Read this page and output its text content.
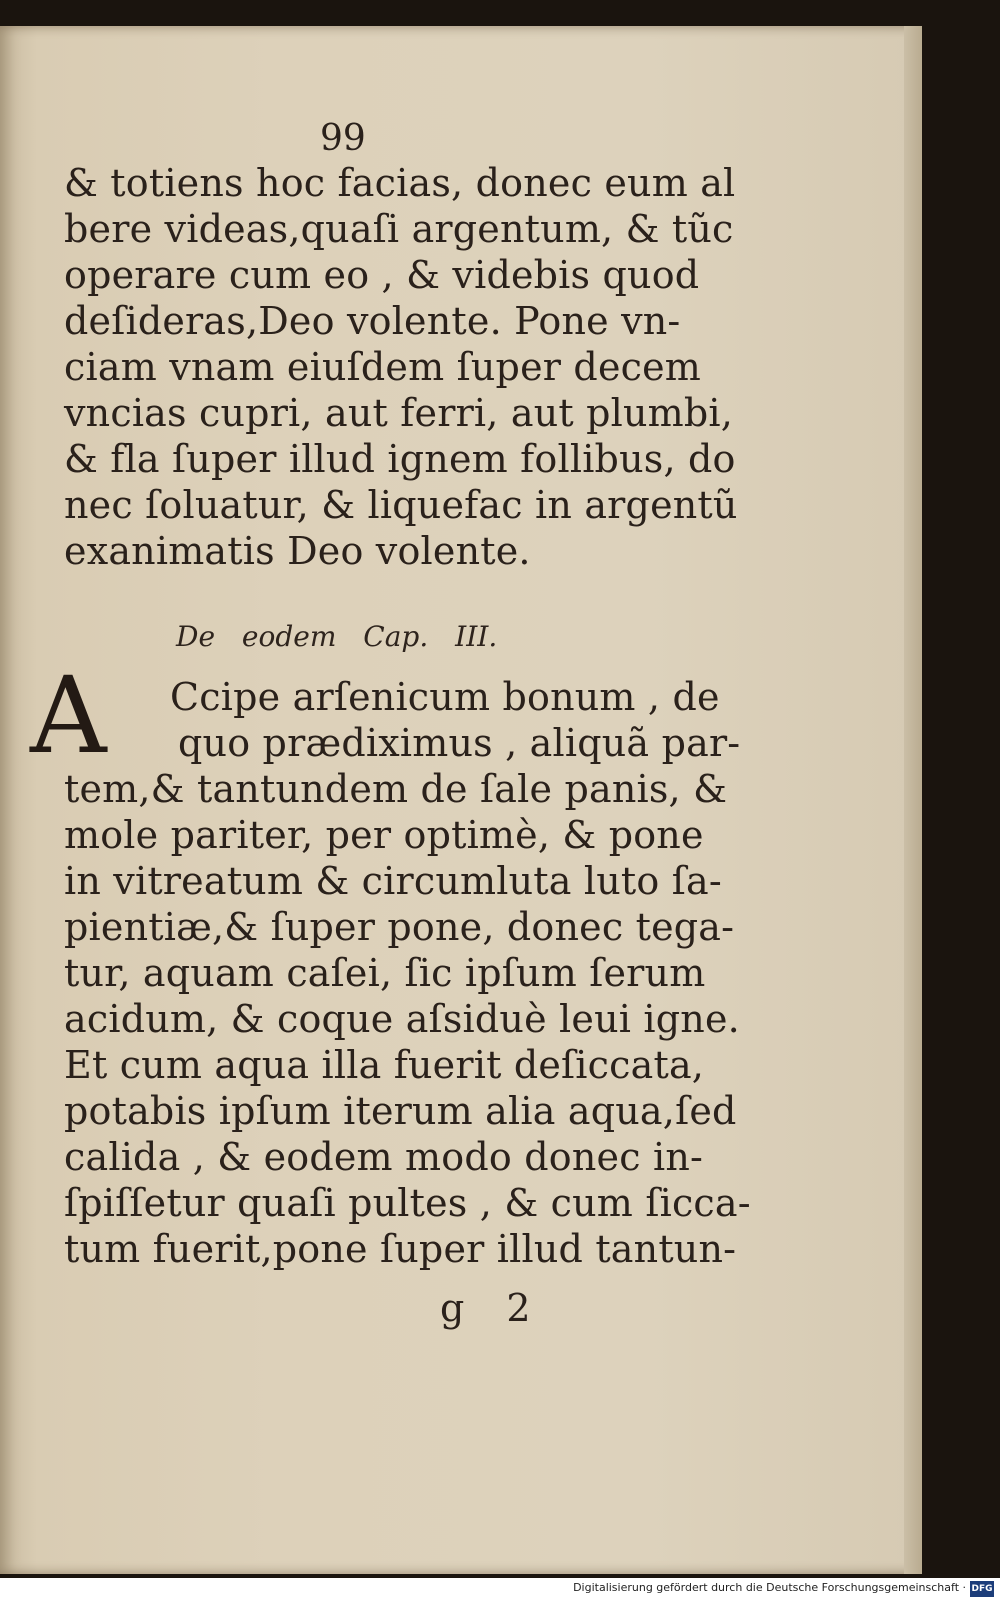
99
& totiens hoc facias, donec eum al
bere videas,quaſi argentum, & tũc
operare cum eo , & videbis quod
deſideras,Deo volente. Pone vn-
ciam vnam eiuſdem ſuper decem
vncias cupri, aut ferri, aut plumbi,
& fla ſuper illud ignem follibus, do
nec ſoluatur, & liquefac in argentũ
exanimatis Deo volente.
De eodem Cap. III.
A Ccipe arſenicum bonum , de
quo prædiximus , aliquã par-
tem,& tantundem de ſale panis, &
mole pariter, per optimè, & pone
in vitreatum & circumluta luto ſa-
pientiæ,& ſuper pone, donec tega-
tur, aquam caſei, ſic ipſum ſerum
acidum, & coque aſsiduè leui igne.
Et cum aqua illa fuerit deſiccata,
potabis ipſum iterum alia aqua,ſed
calida , & eodem modo donec in-
ſpiſſetur quaſi pultes , & cum ſicca-
tum fuerit,pone ſuper illud tantun-
g 2
Digitalisierung gefördert durch die Deutsche Forschungsgemeinschaft · DFG
